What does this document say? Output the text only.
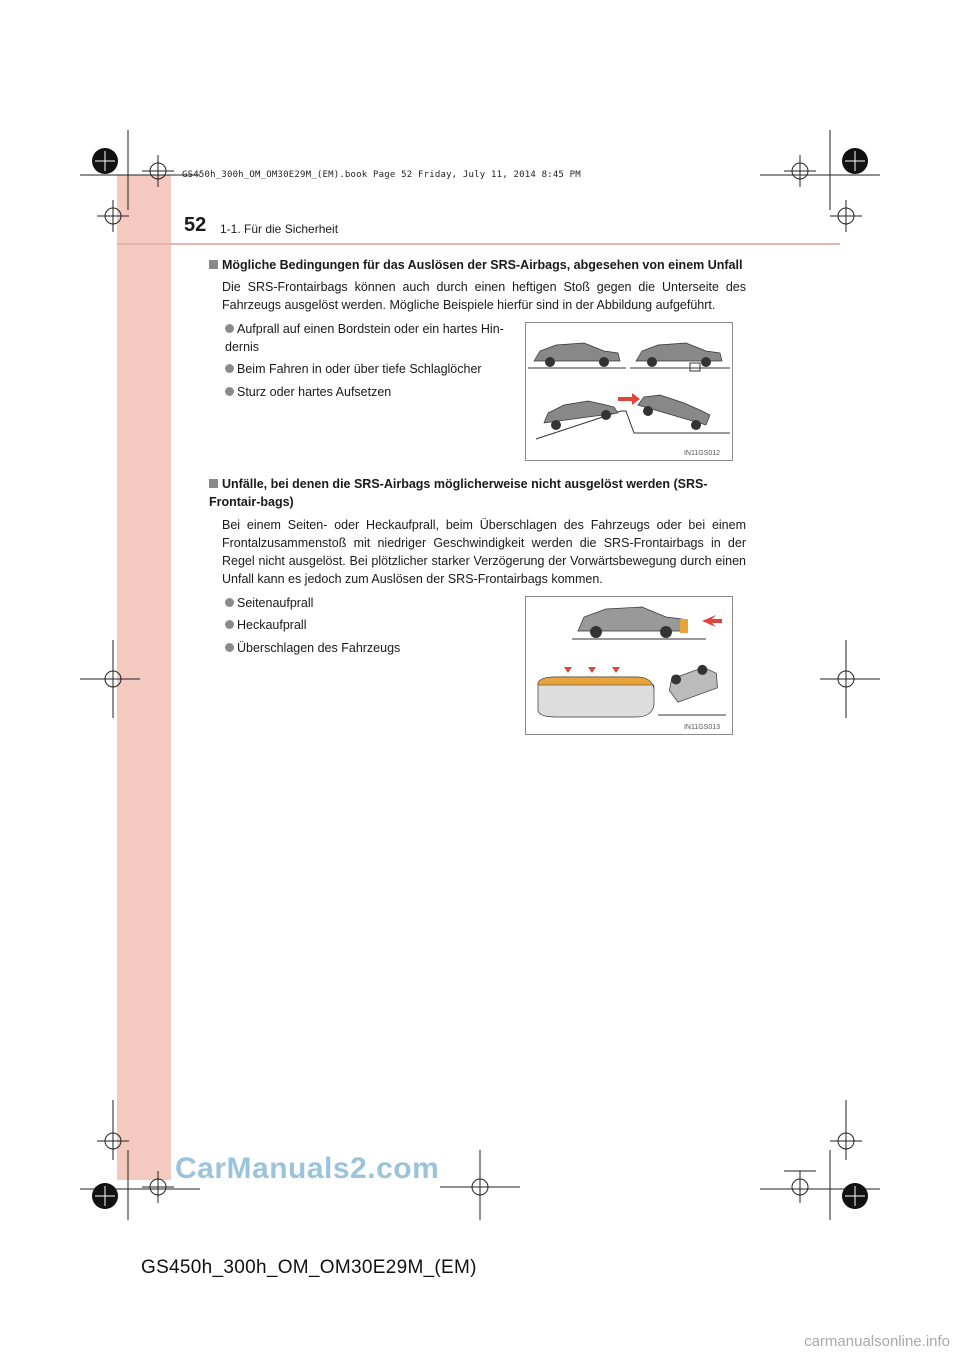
GS450h_300h_OM_OM30E29M_(EM).book Page 52 Friday, July 11, 2014 8:45 PM
52 1-1. Für die Sicherheit
Mögliche Bedingungen für das Auslösen der SRS-Airbags, abgesehen von einem Unfall
Die SRS-Frontairbags können auch durch einen heftigen Stoß gegen die Unterseite des Fahrzeugs ausgelöst werden. Mögliche Beispiele hierfür sind in der Abbildung aufgeführt.
Aufprall auf einen Bordstein oder ein hartes Hin-dernis
Beim Fahren in oder über tiefe Schlaglöcher
Sturz oder hartes Aufsetzen
IN11GS012
Unfälle, bei denen die SRS-Airbags möglicherweise nicht ausgelöst werden (SRS-Frontair-bags)
Bei einem Seiten- oder Heckaufprall, beim Überschlagen des Fahrzeugs oder bei einem Frontalzusammenstoß mit niedriger Geschwindigkeit werden die SRS-Frontairbags in der Regel nicht ausgelöst. Bei plötzlicher starker Verzögerung der Vorwärtsbewegung durch einen Unfall kann es jedoch zum Auslösen der SRS-Frontairbags kommen.
Seitenaufprall
Heckaufprall
Überschlagen des Fahrzeugs
IN11GS013
GS450h_300h_OM_OM30E29M_(EM)
CarManuals2.com
carmanualsonline.info
